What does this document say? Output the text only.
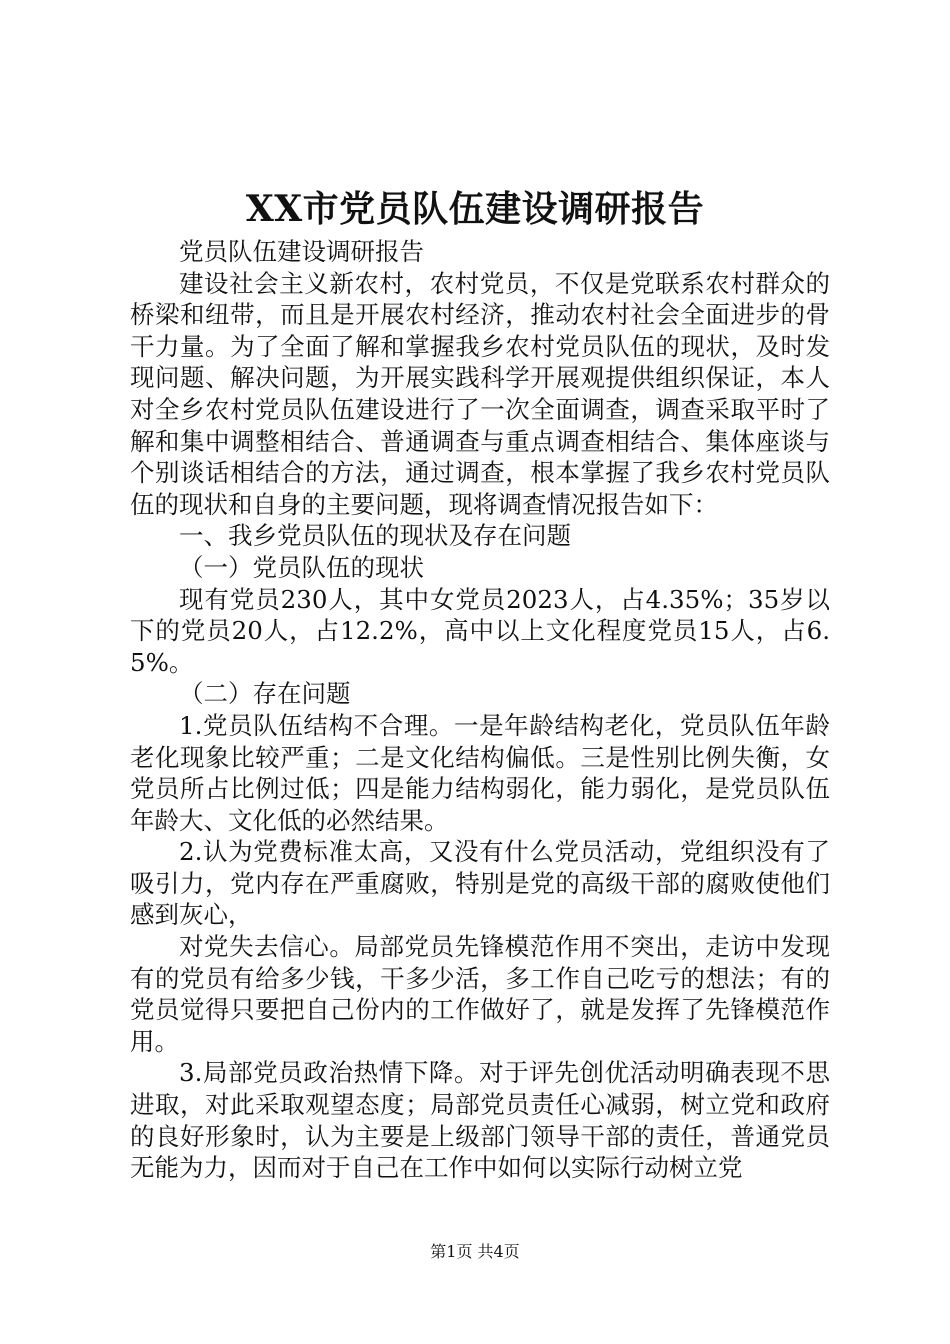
XX市党员队伍建设调研报告

党员队伍建设调研报告

建设社会主义新农村，农村党员，不仅是党联系农村群众的桥梁和纽带，而且是开展农村经济，推动农村社会全面进步的骨干力量。为了全面了解和掌握我乡农村党员队伍的现状，及时发现问题、解决问题，为开展实践科学开展观提供组织保证，本人对全乡农村党员队伍建设进行了一次全面调查，调查采取平时了解和集中调整相结合、普通调查与重点调查相结合、集体座谈与个别谈话相结合的方法，通过调查，根本掌握了我乡农村党员队伍的现状和自身的主要问题，现将调查情况报告如下：

一、我乡党员队伍的现状及存在问题

（一）党员队伍的现状

现有党员230人，其中女党员2023人，占4.35%；35岁以下的党员20人，占12.2%，高中以上文化程度党员15人，占6.5%。

（二）存在问题

1.党员队伍结构不合理。一是年龄结构老化，党员队伍年龄老化现象比较严重；二是文化结构偏低。三是性别比例失衡，女党员所占比例过低；四是能力结构弱化，能力弱化，是党员队伍年龄大、文化低的必然结果。

2.认为党费标准太高，又没有什么党员活动，党组织没有了吸引力，党内存在严重腐败，特别是党的高级干部的腐败使他们感到灰心，

对党失去信心。局部党员先锋模范作用不突出，走访中发现有的党员有给多少钱，干多少活，多工作自己吃亏的想法；有的党员觉得只要把自己份内的工作做好了，就是发挥了先锋模范作用。

3.局部党员政治热情下降。对于评先创优活动明确表现不思进取，对此采取观望态度；局部党员责任心减弱，树立党和政府的良好形象时，认为主要是上级部门领导干部的责任，普通党员无能为力，因而对于自己在工作中如何以实际行动树立党

第1页 共4页
